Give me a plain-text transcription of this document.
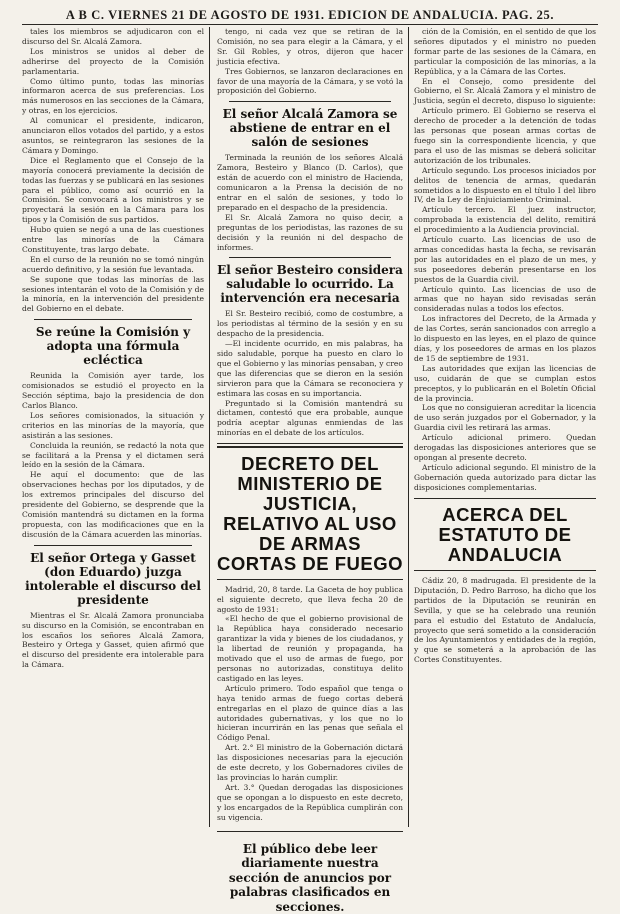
A B C. VIERNES 21 DE AGOSTO DE 1931. EDICION DE ANDALUCIA. PAG. 25.

tales los miembros se adjudicaron con el discurso del Sr. Alcalá Zamora.

Los ministros se unidos al deber de adherirse del proyecto de la Comisión parlamentaria.

Como último punto, todas las minorías informaron acerca de sus preferencias. Los más numerosos en las secciones de la Cámara, y otras, en los ejercicios.

Al comunicar el presidente, indicaron, anunciaron ellos votados del partido, y a estos asuntos, se reintegraron las sesiones de la Cámara y Domingo.

Dice el Reglamento que el Consejo de la mayoría conocerá previamente la decisión de todas las fuerzas y se publicará en las sesiones para el público, como así ocurrió en la Comisión. Se convocará a los ministros y se proyectará la sesión en la Cámara para los tipos y la Comisión de sus partidos.

Hubo quien se negó a una de las cuestiones entre las minorías de la Cámara Constituyente, tras largo debate.

En el curso de la reunión no se tomó ningún acuerdo definitivo, y la sesión fue levantada.

Se supone que todas las minorías de las sesiones intentarán el voto de la Comisión y de la minoría, en la intervención del presidente del Gobierno en el debate.

Se reúne la Comisión y adopta una fórmula ecléctica

Reunida la Comisión ayer tarde, los comisionados se estudió el proyecto en la Sección séptima, bajo la presidencia de don Carlos Blanco.

Los señores comisionados, la situación y criterios en las minorías de la mayoría, que asistirán a las sesiones.

Concluida la reunión, se redactó la nota que se facilitará a la Prensa y el dictamen será leído en la sesión de la Cámara.

He aquí el documento: que de las observaciones hechas por los diputados, y de los extremos principales del discurso del presidente del Gobierno, se desprende que la Comisión mantendrá su dictamen en la forma propuesta, con las modificaciones que en la discusión de la Cámara acuerden las minorías.

El señor Ortega y Gasset (don Eduardo) juzga intolerable el discurso del presidente

Mientras el Sr. Alcalá Zamora pronunciaba su discurso en la Comisión, se encontraban en los escaños los señores Alcalá Zamora, Besteiro y Ortega y Gasset, quien afirmó que el discurso del presidente era intolerable para la Cámara.

tengo, ni cada vez que se retiran de la Comisión, no sea para elegir a la Cámara, y el Sr. Gil Robles, y otros, dijeron que hacer justicia efectiva.

Tres Gobiernos, se lanzaron declaraciones en favor de una mayoría de la Cámara, y se votó la proposición del Gobierno.

El señor Alcalá Zamora se abstiene de entrar en el salón de sesiones

Terminada la reunión de los señores Alcalá Zamora, Besteiro y Blanco (D. Carlos), que están de acuerdo con el ministro de Hacienda, comunicaron a la Prensa la decisión de no entrar en el salón de sesiones, y todo lo preparado en el despacho de la presidencia.

El Sr. Alcalá Zamora no quiso decir, a preguntas de los periodistas, las razones de su decisión y la reunión ni del despacho de informes.

El señor Besteiro considera saludable lo ocurrido. La intervención era necesaria

El Sr. Besteiro recibió, como de costumbre, a los periodistas al término de la sesión y en su despacho de la presidencia.

—El incidente ocurrido, en mis palabras, ha sido saludable, porque ha puesto en claro lo que el Gobierno y las minorías pensaban, y creo que las diferencias que se dieron en la sesión sirvieron para que la Cámara se reconociera y estimara las cosas en su importancia.

Preguntado si la Comisión mantendrá su dictamen, contestó que era probable, aunque podría aceptar algunas enmiendas de las minorías en el debate de los artículos.

DECRETO DEL MINISTERIO DE JUSTICIA, RELATIVO AL USO DE ARMAS CORTAS DE FUEGO

Madrid, 20, 8 tarde. La Gaceta de hoy publica el siguiente decreto, que lleva fecha 20 de agosto de 1931:

«El hecho de que el gobierno provisional de la República haya considerado necesario garantizar la vida y bienes de los ciudadanos, y la libertad de reunión y propaganda, ha motivado que el uso de armas de fuego, por personas no autorizadas, constituya delito castigado en las leyes.

Artículo primero. Todo español que tenga o haya tenido armas de fuego cortas deberá entregarlas en el plazo de quince días a las autoridades gubernativas, y los que no lo hicieran incurrirán en las penas que señala el Código Penal.

Art. 2.° El ministro de la Gobernación dictará las disposiciones necesarias para la ejecución de este decreto, y los Gobernadores civiles de las provincias lo harán cumplir.

Art. 3.° Quedan derogadas las disposiciones que se opongan a lo dispuesto en este decreto, y los encargados de la República cumplirán con su vigencia.

El público debe leer diariamente nuestra sección de anuncios por palabras clasificados en secciones.

ción de la Comisión, en el sentido de que los señores diputados y el ministro no pueden formar parte de las sesiones de la Cámara, en particular la composición de las minorías, a la República, y a la Cámara de las Cortes.

En el Consejo, como presidente del Gobierno, el Sr. Alcalá Zamora y el ministro de Justicia, según el decreto, dispuso lo siguiente:

Artículo primero. El Gobierno se reserva el derecho de proceder a la detención de todas las personas que posean armas cortas de fuego sin la correspondiente licencia, y que para el uso de las mismas se deberá solicitar autorización de los tribunales.

Artículo segundo. Los procesos iniciados por delitos de tenencia de armas, quedarán sometidos a lo dispuesto en el título I del libro IV, de la Ley de Enjuiciamiento Criminal.

Artículo tercero. El juez instructor, comprobada la existencia del delito, remitirá el procedimiento a la Audiencia provincial.

Artículo cuarto. Las licencias de uso de armas concedidas hasta la fecha, se revisarán por las autoridades en el plazo de un mes, y sus poseedores deberán presentarse en los puestos de la Guardia civil.

Artículo quinto. Las licencias de uso de armas que no hayan sido revisadas serán consideradas nulas a todos los efectos.

Los infractores del Decreto, de la Armada y de las Cortes, serán sancionados con arreglo a lo dispuesto en las leyes, en el plazo de quince días, y los poseedores de armas en los plazos de 15 de septiembre de 1931.

Las autoridades que exijan las licencias de uso, cuidarán de que se cumplan estos preceptos, y lo publicarán en el Boletín Oficial de la provincia.

Los que no consiguieran acreditar la licencia de uso serán juzgados por el Gobernador, y la Guardia civil les retirará las armas.

Artículo adicional primero. Quedan derogadas las disposiciones anteriores que se opongan al presente decreto.

Artículo adicional segundo. El ministro de la Gobernación queda autorizado para dictar las disposiciones complementarias.

ACERCA DEL ESTATUTO DE ANDALUCIA

Cádiz 20, 8 madrugada. El presidente de la Diputación, D. Pedro Barroso, ha dicho que los partidos de la Diputación se reunirán en Sevilla, y que se ha celebrado una reunión para el estudio del Estatuto de Andalucía, proyecto que será sometido a la consideración de los Ayuntamientos y entidades de la región, y que se someterá a la aprobación de las Cortes Constituyentes.
